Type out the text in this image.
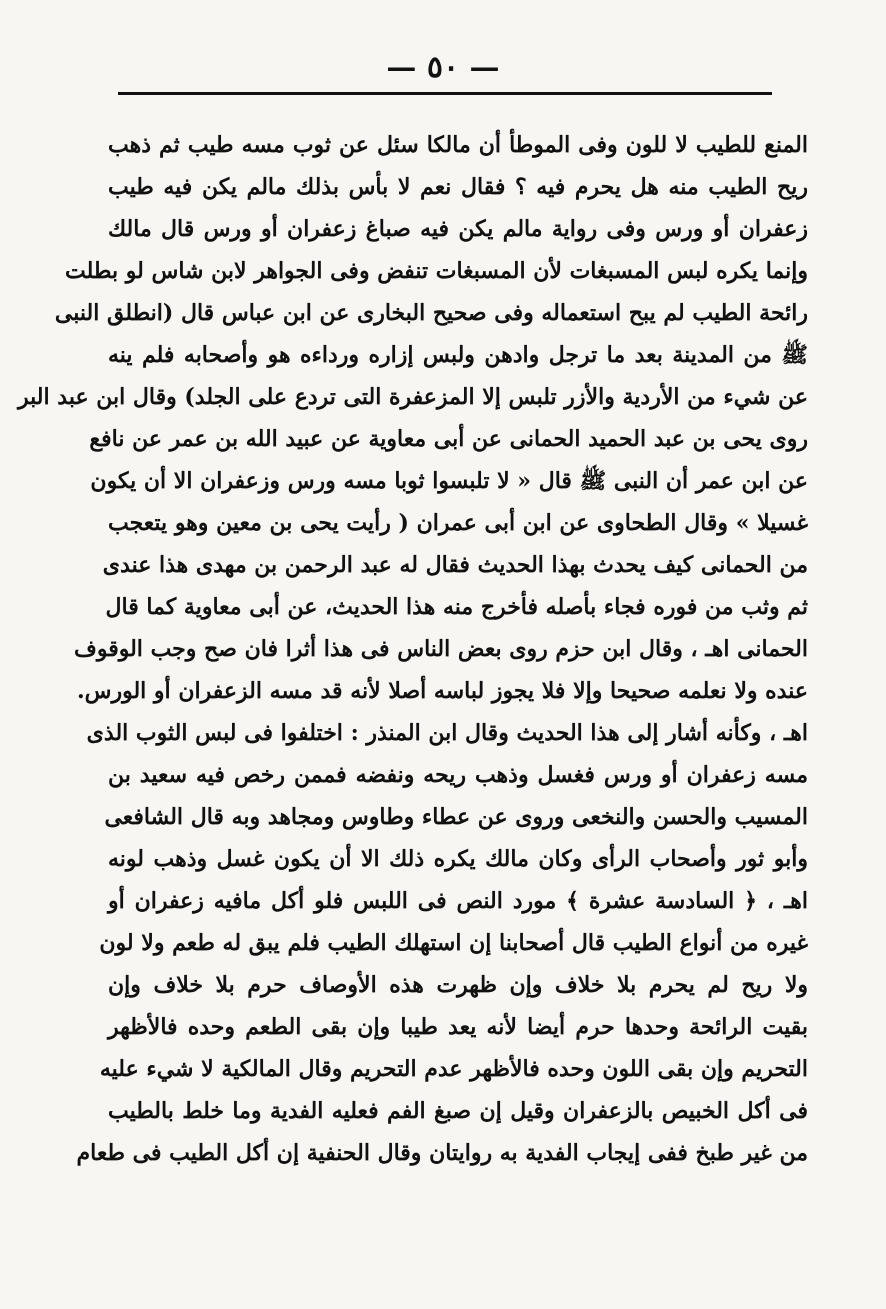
— ٥٠ —
المنع للطيب لا للون وفى الموطأ أن مالكا سئل عن ثوب مسه طيب ثم ذهب
ريح الطيب منه هل يحرم فيه ؟ فقال نعم لا بأس بذلك مالم يكن فيه طيب
زعفران أو ورس وفى رواية مالم يكن فيه صباغ زعفران أو ورس قال مالك
وإنما يكره لبس المسبغات لأن المسبغات تنفض وفى الجواهر لابن شاس لو بطلت
رائحة الطيب لم يبح استعماله وفى صحيح البخارى عن ابن عباس قال (انطلق النبى
ﷺ من المدينة بعد ما ترجل وادهن ولبس إزاره ورداءه هو وأصحابه فلم ينه
عن شيء من الأردية والأزر تلبس إلا المزعفرة التى تردع على الجلد) وقال ابن عبد البر
روى يحى بن عبد الحميد الحمانى عن أبى معاوية عن عبيد الله بن عمر عن نافع
عن ابن عمر أن النبى ﷺ قال « لا تلبسوا ثوبا مسه ورس وزعفران الا أن يكون
غسيلا » وقال الطحاوى عن ابن أبى عمران ( رأيت يحى بن معين وهو يتعجب
من الحمانى كيف يحدث بهذا الحديث فقال له عبد الرحمن بن مهدى هذا عندى
ثم وثب من فوره فجاء بأصله فأخرج منه هذا الحديث، عن أبى معاوية كما قال
الحمانى اهـ ، وقال ابن حزم روى بعض الناس فى هذا أثرا فان صح وجب الوقوف
عنده ولا نعلمه صحيحا وإلا فلا يجوز لباسه أصلا لأنه قد مسه الزعفران أو الورس.
اهـ ، وكأنه أشار إلى هذا الحديث وقال ابن المنذر : اختلفوا فى لبس الثوب الذى
مسه زعفران أو ورس فغسل وذهب ريحه ونفضه فممن رخص فيه سعيد بن
المسيب والحسن والنخعى وروى عن عطاء وطاوس ومجاهد وبه قال الشافعى
وأبو ثور وأصحاب الرأى وكان مالك يكره ذلك الا أن يكون غسل وذهب لونه
اهـ ، ﴿ السادسة عشرة ﴾ مورد النص فى اللبس فلو أكل مافيه زعفران أو
غيره من أنواع الطيب قال أصحابنا إن استهلك الطيب فلم يبق له طعم ولا لون
ولا ريح لم يحرم بلا خلاف وإن ظهرت هذه الأوصاف حرم بلا خلاف وإن
بقيت الرائحة وحدها حرم أيضا لأنه يعد طيبا وإن بقى الطعم وحده فالأظهر
التحريم وإن بقى اللون وحده فالأظهر عدم التحريم وقال المالكية لا شيء عليه
فى أكل الخبيص بالزعفران وقيل إن صبغ الفم فعليه الفدية وما خلط بالطيب
من غير طبخ ففى إيجاب الفدية به روايتان وقال الحنفية إن أكل الطيب فى طعام
